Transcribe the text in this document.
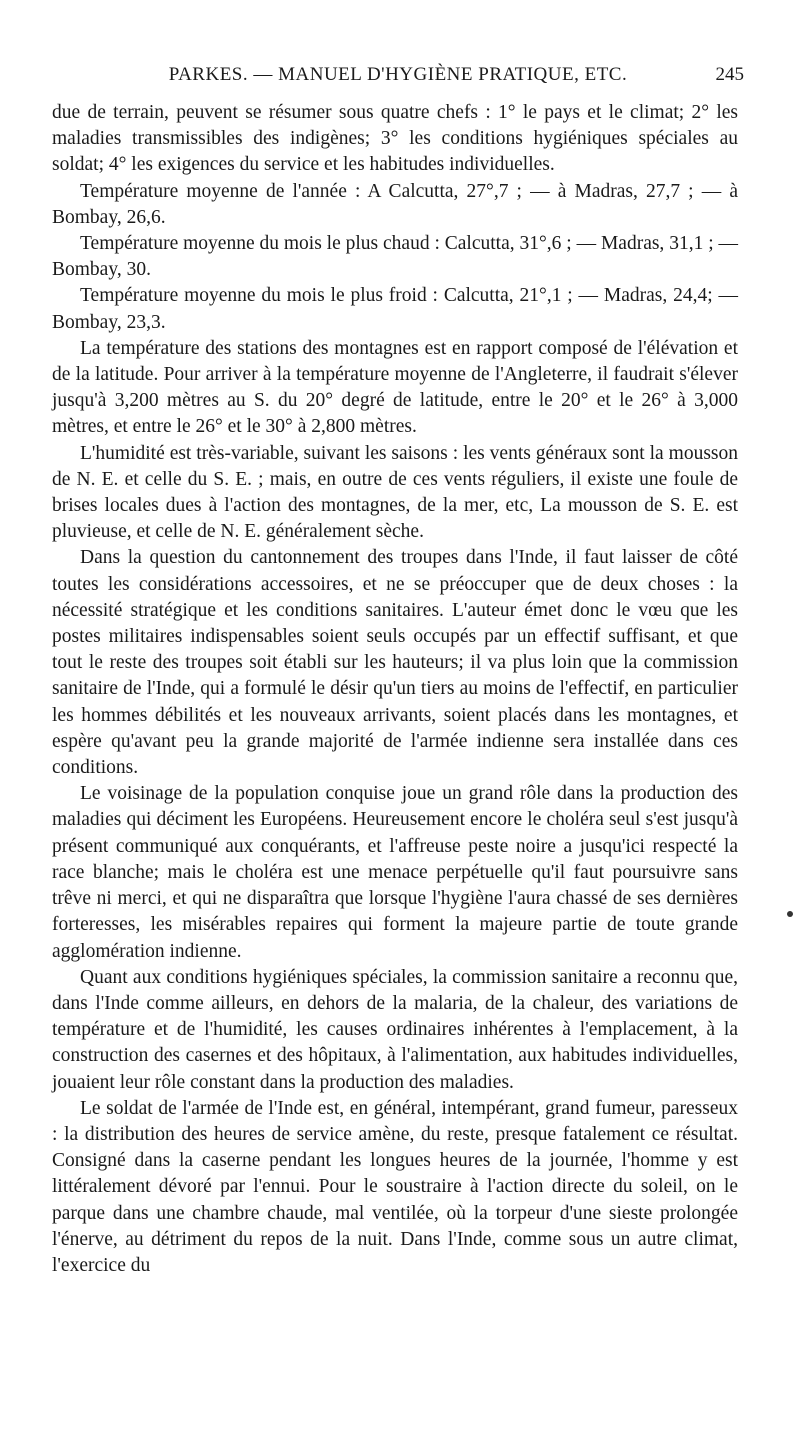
PARKES. — MANUEL D'HYGIÈNE PRATIQUE, ETC.	245

due de terrain, peuvent se résumer sous quatre chefs : 1° le pays et le climat; 2° les maladies transmissibles des indigènes; 3° les conditions hygiéniques spéciales au soldat; 4° les exigences du service et les habitudes individuelles.

Température moyenne de l'année : A Calcutta, 27°,7 ; — à Madras, 27,7 ; — à Bombay, 26,6.

Température moyenne du mois le plus chaud : Calcutta, 31°,6 ; — Madras, 31,1 ; — Bombay, 30.

Température moyenne du mois le plus froid : Calcutta, 21°,1 ; — Madras, 24,4; — Bombay, 23,3.

La température des stations des montagnes est en rapport composé de l'élévation et de la latitude. Pour arriver à la température moyenne de l'Angleterre, il faudrait s'élever jusqu'à 3,200 mètres au S. du 20° degré de latitude, entre le 20° et le 26° à 3,000 mètres, et entre le 26° et le 30° à 2,800 mètres.

L'humidité est très-variable, suivant les saisons : les vents généraux sont la mousson de N. E. et celle du S. E. ; mais, en outre de ces vents réguliers, il existe une foule de brises locales dues à l'action des montagnes, de la mer, etc, La mousson de S. E. est pluvieuse, et celle de N. E. généralement sèche.

Dans la question du cantonnement des troupes dans l'Inde, il faut laisser de côté toutes les considérations accessoires, et ne se préoccuper que de deux choses : la nécessité stratégique et les conditions sanitaires. L'auteur émet donc le vœu que les postes militaires indispensables soient seuls occupés par un effectif suffisant, et que tout le reste des troupes soit établi sur les hauteurs; il va plus loin que la commission sanitaire de l'Inde, qui a formulé le désir qu'un tiers au moins de l'effectif, en particulier les hommes débilités et les nouveaux arrivants, soient placés dans les montagnes, et espère qu'avant peu la grande majorité de l'armée indienne sera installée dans ces conditions.

Le voisinage de la population conquise joue un grand rôle dans la production des maladies qui déciment les Européens. Heureusement encore le choléra seul s'est jusqu'à présent communiqué aux conquérants, et l'affreuse peste noire a jusqu'ici respecté la race blanche; mais le choléra est une menace perpétuelle qu'il faut poursuivre sans trêve ni merci, et qui ne disparaîtra que lorsque l'hygiène l'aura chassé de ses dernières forteresses, les misérables repaires qui forment la majeure partie de toute grande agglomération indienne.

Quant aux conditions hygiéniques spéciales, la commission sanitaire a reconnu que, dans l'Inde comme ailleurs, en dehors de la malaria, de la chaleur, des variations de température et de l'humidité, les causes ordinaires inhérentes à l'emplacement, à la construction des casernes et des hôpitaux, à l'alimentation, aux habitudes individuelles, jouaient leur rôle constant dans la production des maladies.

Le soldat de l'armée de l'Inde est, en général, intempérant, grand fumeur, paresseux : la distribution des heures de service amène, du reste, presque fatalement ce résultat. Consigné dans la caserne pendant les longues heures de la journée, l'homme y est littéralement dévoré par l'ennui. Pour le soustraire à l'action directe du soleil, on le parque dans une chambre chaude, mal ventilée, où la torpeur d'une sieste prolongée l'énerve, au détriment du repos de la nuit. Dans l'Inde, comme sous un autre climat, l'exercice du
